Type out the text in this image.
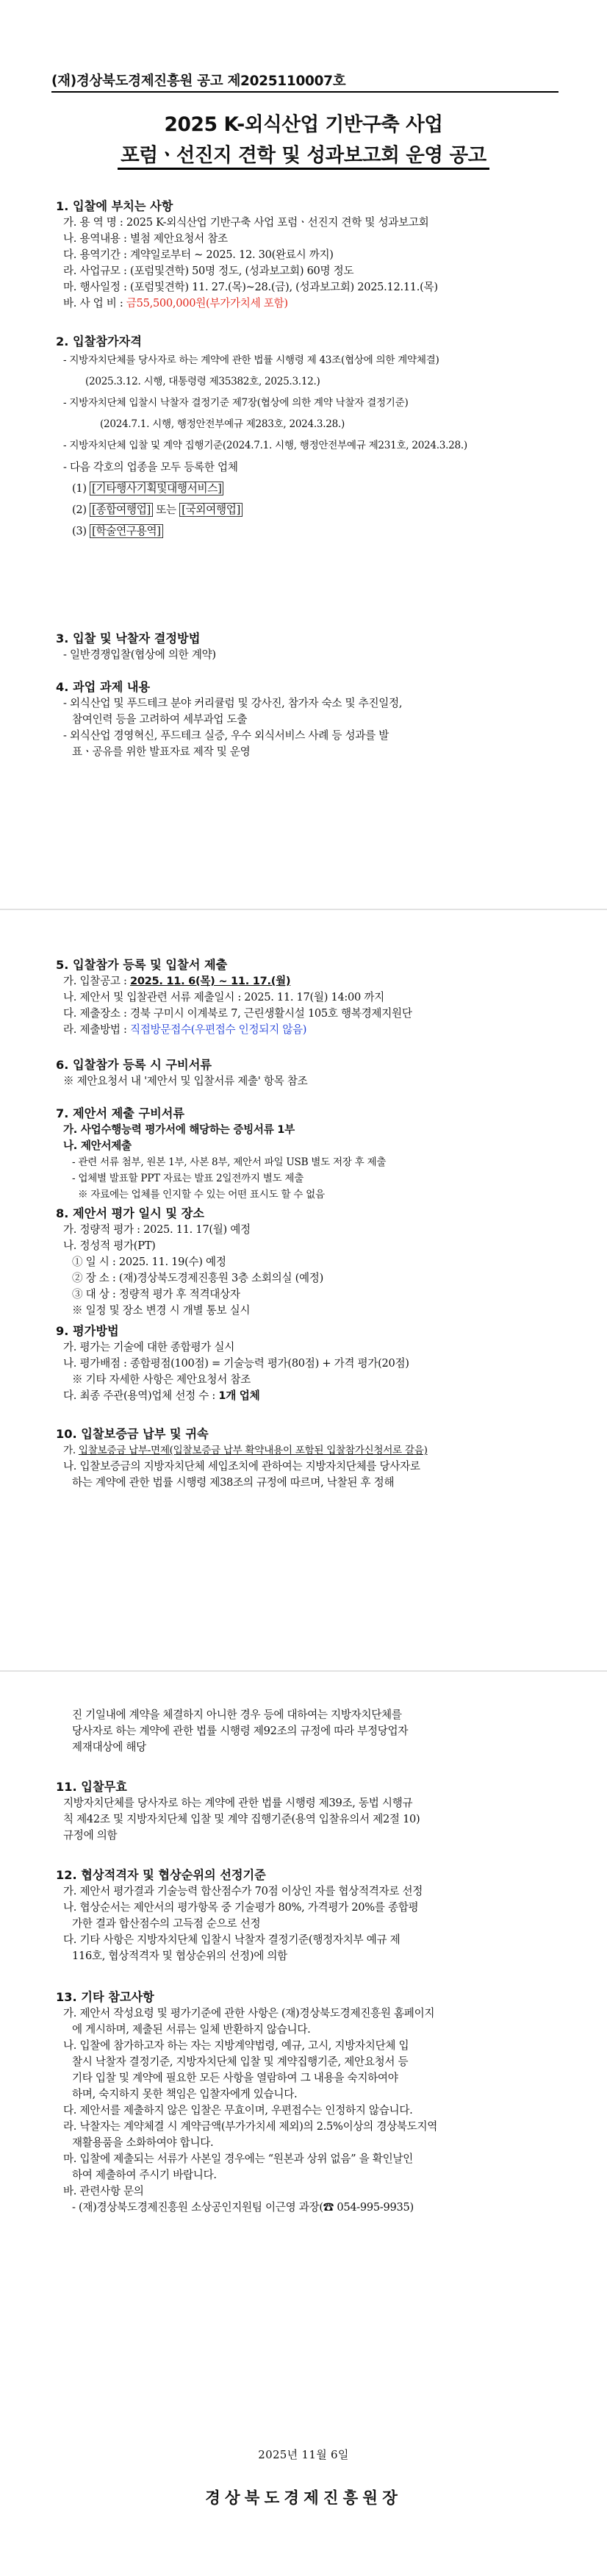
(재)경상북도경제진흥원 공고 제2025110007호
2025 K-외식산업 기반구축 사업
포럼ㆍ선진지 견학 및 성과보고회 운영 공고
1. 입찰에 부치는 사항
가. 용 역 명 : 2025 K-외식산업 기반구축 사업 포럼ㆍ선진지 견학 및 성과보고회
나. 용역내용 : 별첨 제안요청서 참조
다. 용역기간 : 계약일로부터 ~ 2025. 12. 30(완료시 까지)
라. 사업규모 : (포럼및견학) 50명 정도, (성과보고회) 60명 정도
마. 행사일정 : (포럼및견학) 11. 27.(목)~28.(금), (성과보고회) 2025.12.11.(목)
바. 사 업 비 : 금55,500,000원(부가가치세 포함)
2. 입찰참가자격
- 지방자치단체를 당사자로 하는 계약에 관한 법률 시행령 제 43조(협상에 의한 계약체결)
(2025.3.12. 시행, 대통령령 제35382호, 2025.3.12.)
- 지방자치단체 입찰시 낙찰자 결정기준 제7장(협상에 의한 계약 낙찰자 결정기준)
(2024.7.1. 시행, 행정안전부예규 제283호, 2024.3.28.)
- 지방자치단체 입찰 및 계약 집행기준(2024.7.1. 시행, 행정안전부예규 제231호, 2024.3.28.)
- 다음 각호의 업종을 모두 등록한 업체
(1) [기타행사기획및대행서비스]
(2) [종합여행업] 또는 [국외여행업]
(3) [학술연구용역]
3. 입찰 및 낙찰자 결정방법
- 일반경쟁입찰(협상에 의한 계약)
4. 과업 과제 내용
- 외식산업 및 푸드테크 분야 커리큘럼 및 강사진, 참가자 숙소 및 추진일정,
참여인력 등을 고려하여 세부과업 도출
- 외식산업 경영혁신, 푸드테크 실증, 우수 외식서비스 사례 등 성과를 발
표ㆍ공유를 위한 발표자료 제작 및 운영
5. 입찰참가 등록 및 입찰서 제출
가. 입찰공고 : 2025. 11. 6(목) ~ 11. 17.(월)
나. 제안서 및 입찰관련 서류 제출일시 : 2025. 11. 17(월) 14:00 까지
다. 제출장소 : 경북 구미시 이계북로 7, 근린생활시설 105호 행복경제지원단
라. 제출방법 : 직접방문접수(우편접수 인정되지 않음)
6. 입찰참가 등록 시 구비서류
※ 제안요청서 내 '제안서 및 입찰서류 제출' 항목 참조
7. 제안서 제출 구비서류
가. 사업수행능력 평가서에 해당하는 증빙서류 1부
나. 제안서제출
- 관련 서류 첨부, 원본 1부, 사본 8부, 제안서 파일 USB 별도 저장 후 제출
- 업체별 발표할 PPT 자료는 발표 2일전까지 별도 제출
※ 자료에는 업체를 인지할 수 있는 어떤 표시도 할 수 없음
8. 제안서 평가 일시 및 장소
가. 정량적 평가 : 2025. 11. 17(월) 예정
나. 정성적 평가(PT)
① 일 시 : 2025. 11. 19(수) 예정
② 장 소 : (재)경상북도경제진흥원 3층 소회의실 (예정)
③ 대 상 : 정량적 평가 후 적격대상자
※ 일정 및 장소 변경 시 개별 통보 실시
9. 평가방법
가. 평가는 기술에 대한 종합평가 실시
나. 평가배점 : 종합평점(100점) = 기술능력 평가(80점) + 가격 평가(20점)
※ 기타 자세한 사항은 제안요청서 참조
다. 최종 주관(용역)업체 선정 수 : 1개 업체
10. 입찰보증금 납부 및 귀속
가. 입찰보증금 납부-면제(입찰보증금 납부 확약내용이 포함된 입찰참가신청서로 갈음)
나. 입찰보증금의 지방자치단체 세입조치에 관하여는 지방자치단체를 당사자로
하는 계약에 관한 법률 시행령 제38조의 규정에 따르며, 낙찰된 후 정해
진 기일내에 계약을 체결하지 아니한 경우 등에 대하여는 지방자치단체를
당사자로 하는 계약에 관한 법률 시행령 제92조의 규정에 따라 부정당업자
제재대상에 해당
11. 입찰무효
지방자치단체를 당사자로 하는 계약에 관한 법률 시행령 제39조, 동법 시행규
칙 제42조 및 지방자치단체 입찰 및 계약 집행기준(용역 입찰유의서 제2절 10)
규정에 의함
12. 협상적격자 및 협상순위의 선정기준
가. 제안서 평가결과 기술능력 합산점수가 70점 이상인 자를 협상적격자로 선정
나. 협상순서는 제안서의 평가항목 중 기술평가 80%, 가격평가 20%를 종합평
가한 결과 합산점수의 고득점 순으로 선정
다. 기타 사항은 지방자치단체 입찰시 낙찰자 결정기준(행정자치부 예규 제
116호, 협상적격자 및 협상순위의 선정)에 의함
13. 기타 참고사항
가. 제안서 작성요령 및 평가기준에 관한 사항은 (재)경상북도경제진흥원 홈페이지
에 게시하며, 제출된 서류는 일체 반환하지 않습니다.
나. 입찰에 참가하고자 하는 자는 지방계약법령, 예규, 고시, 지방자치단체 입
찰시 낙찰자 결정기준, 지방자치단체 입찰 및 계약집행기준, 제안요청서 등
기타 입찰 및 계약에 필요한 모든 사항을 열람하여 그 내용을 숙지하여야
하며, 숙지하지 못한 책임은 입찰자에게 있습니다.
다. 제안서를 제출하지 않은 입찰은 무효이며, 우편접수는 인정하지 않습니다.
라. 낙찰자는 계약체결 시 계약금액(부가가치세 제외)의 2.5%이상의 경상북도지역
재활용품을 소화하여야 합니다.
마. 입찰에 제출되는 서류가 사본일 경우에는 “원본과 상위 없음” 을 확인날인
하여 제출하여 주시기 바랍니다.
바. 관련사항 문의
- (재)경상북도경제진흥원 소상공인지원팀 이근영 과장(☎ 054-995-9935)
2025년 11월 6일
경상북도경제진흥원장
